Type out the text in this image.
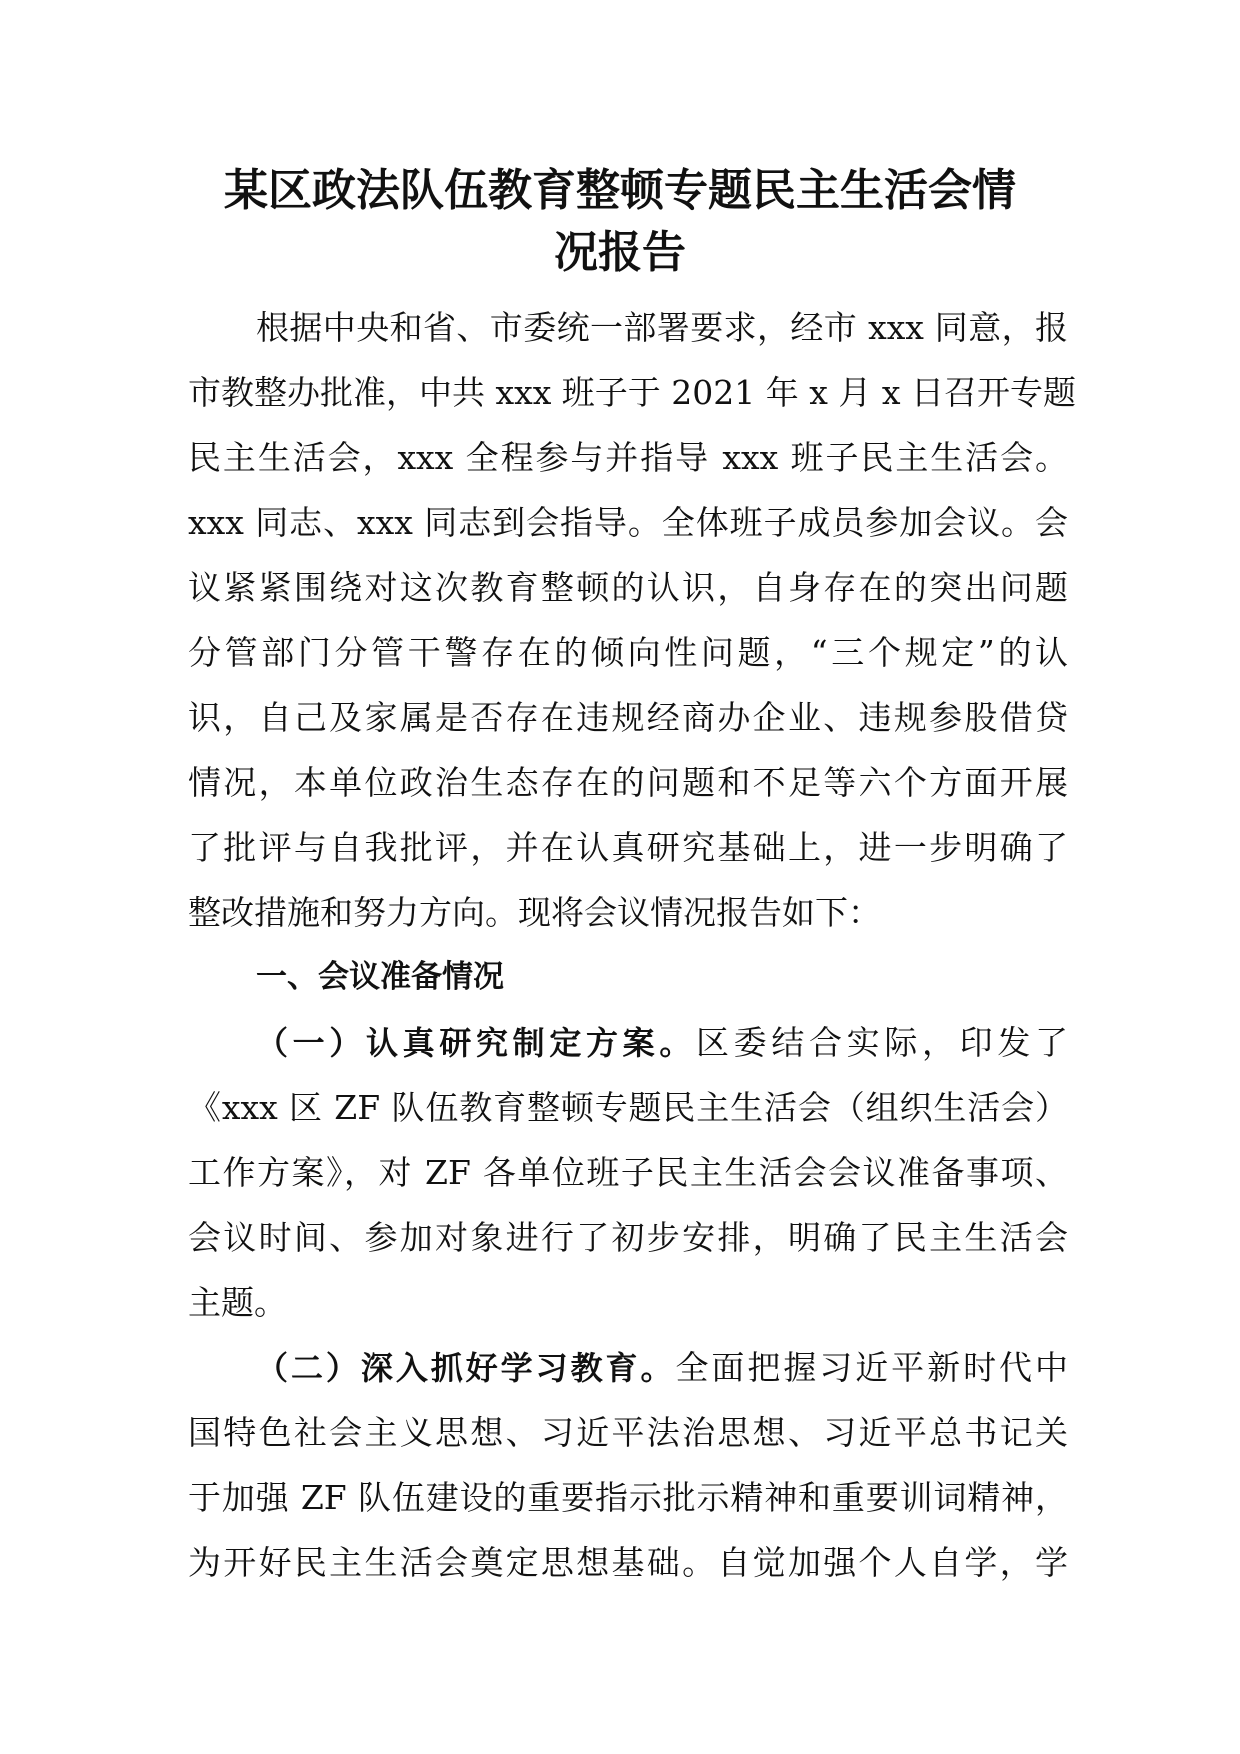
某区政法队伍教育整顿专题民主生活会情
况报告
根据中央和省、市委统一部署要求，经市 xxx 同意，报
市教整办批准，中共 xxx 班子于 2021 年 x 月 x 日召开专题
民主生活会，xxx 全程参与并指导 xxx 班子民主生活会。
xxx 同志、xxx 同志到会指导。全体班子成员参加会议。会
议紧紧围绕对这次教育整顿的认识，自身存在的突出问题
分管部门分管干警存在的倾向性问题，“三个规定”的认
识，自己及家属是否存在违规经商办企业、违规参股借贷
情况，本单位政治生态存在的问题和不足等六个方面开展
了批评与自我批评，并在认真研究基础上，进一步明确了
整改措施和努力方向。现将会议情况报告如下：
一、会议准备情况
（一）认真研究制定方案。区委结合实际，印发了
《xxx 区 ZF 队伍教育整顿专题民主生活会（组织生活会）
工作方案》，对 ZF 各单位班子民主生活会会议准备事项、
会议时间、参加对象进行了初步安排，明确了民主生活会
主题。
（二）深入抓好学习教育。全面把握习近平新时代中
国特色社会主义思想、习近平法治思想、习近平总书记关
于加强 ZF 队伍建设的重要指示批示精神和重要训词精神，
为开好民主生活会奠定思想基础。自觉加强个人自学，学
